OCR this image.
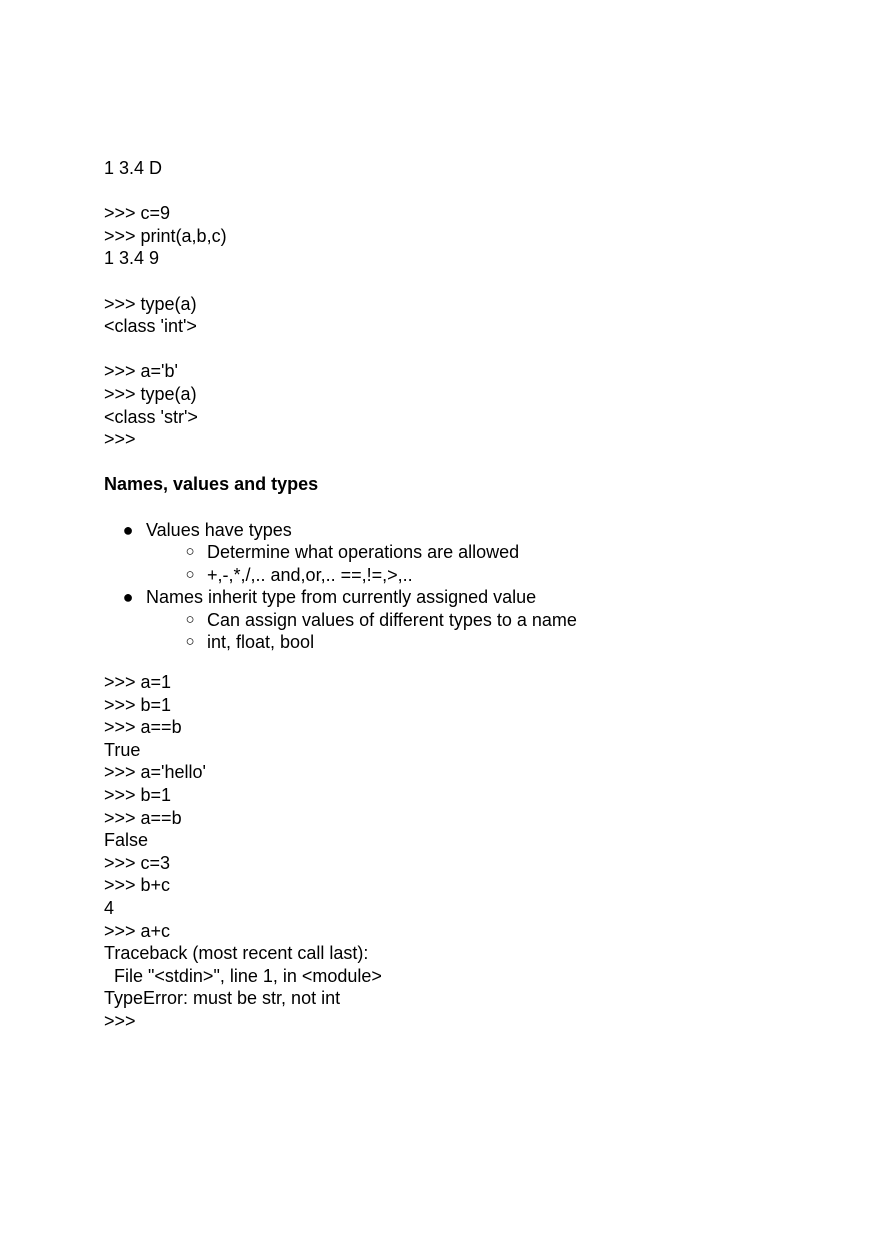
1 3.4 D
>>> c=9
>>> print(a,b,c)
1 3.4 9
>>> type(a)
<class 'int'>
>>> a='b'
>>> type(a)
<class 'str'>
>>>
Names, values and types
● Values have types
○ Determine what operations are allowed
○ +,-,*,/,.. and,or,.. ==,!=,>,..
● Names inherit type from currently assigned value
○ Can assign values of different types to a name
○ int, float, bool
>>> a=1
>>> b=1
>>> a==b
True
>>> a='hello'
>>> b=1
>>> a==b
False
>>> c=3
>>> b+c
4
>>> a+c
Traceback (most recent call last):
File "<stdin>", line 1, in <module>
TypeError: must be str, not int
>>>
